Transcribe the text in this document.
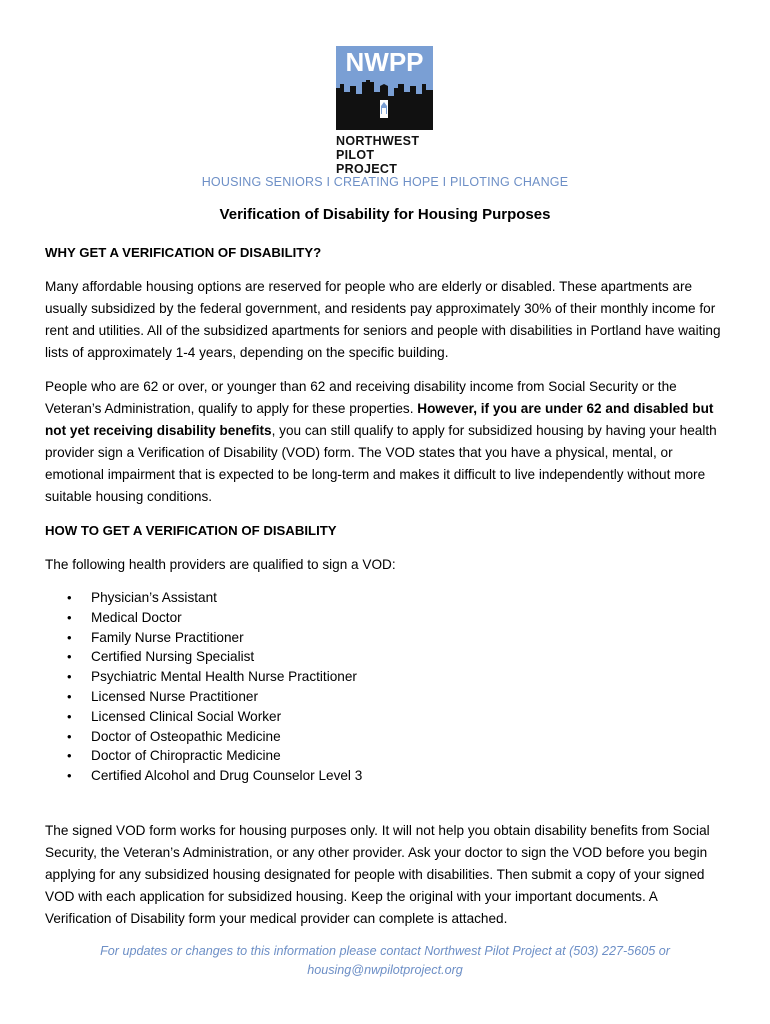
NWPP
NORTHWEST
PILOT PROJECT
HOUSING SENIORS I CREATING HOPE I PILOTING CHANGE
Verification of Disability for Housing Purposes
WHY GET A VERIFICATION OF DISABILITY?

Many affordable housing options are reserved for people who are elderly or disabled. These apartments are usually subsidized by the federal government, and residents pay approximately 30% of their monthly income for rent and utilities. All of the subsidized apartments for seniors and people with disabilities in Portland have waiting lists of approximately 1-4 years, depending on the specific building.

People who are 62 or over, or younger than 62 and receiving disability income from Social Security or the Veteran’s Administration, qualify to apply for these properties. However, if you are under 62 and disabled but not yet receiving disability benefits, you can still qualify to apply for subsidized housing by having your health provider sign a Verification of Disability (VOD) form. The VOD states that you have a physical, mental, or emotional impairment that is expected to be long-term and makes it difficult to live independently without more suitable housing conditions.

HOW TO GET A VERIFICATION OF DISABILITY

The following health providers are qualified to sign a VOD:

• Physician’s Assistant
• Medical Doctor
• Family Nurse Practitioner
• Certified Nursing Specialist
• Psychiatric Mental Health Nurse Practitioner
• Licensed Nurse Practitioner
• Licensed Clinical Social Worker
• Doctor of Osteopathic Medicine
• Doctor of Chiropractic Medicine
• Certified Alcohol and Drug Counselor Level 3

The signed VOD form works for housing purposes only. It will not help you obtain disability benefits from Social Security, the Veteran’s Administration, or any other provider. Ask your doctor to sign the VOD before you begin applying for any subsidized housing designated for people with disabilities. Then submit a copy of your signed VOD with each application for subsidized housing. Keep the original with your important documents. A Verification of Disability form your medical provider can complete is attached.

For updates or changes to this information please contact Northwest Pilot Project at (503) 227-5605 or
housing@nwpilotproject.org
